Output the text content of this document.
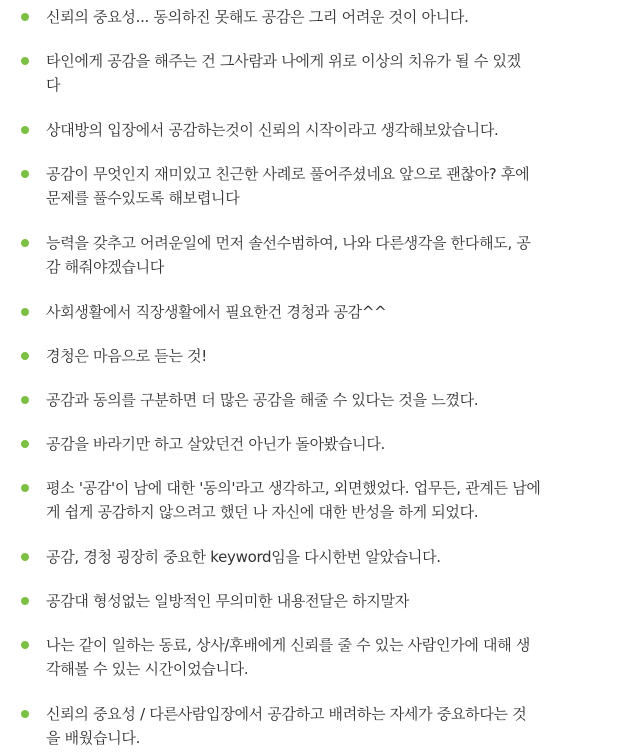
신뢰의 중요성... 동의하진 못해도 공감은 그리 어려운 것이 아니다.
타인에게 공감을 해주는 건 그사람과 나에게 위로 이상의 치유가 될 수 있겠
다
상대방의 입장에서 공감하는것이 신뢰의 시작이라고 생각해보았습니다.
공감이 무엇인지 재미있고 친근한 사례로 풀어주셨네요 앞으로 괜찮아? 후에
문제를 풀수있도록 해보렵니다
능력을 갖추고 어려운일에 먼저 솔선수범하여, 나와 다른생각을 한다해도, 공
감 해줘야겠습니다
사회생활에서 직장생활에서 필요한건 경청과 공감^^
경청은 마음으로 듣는 것!
공감과 동의를 구분하면 더 많은 공감을 해줄 수 있다는 것을 느꼈다.
공감을 바라기만 하고 살았던건 아닌가 돌아봤습니다.
평소 '공감'이 남에 대한 '동의'라고 생각하고, 외면했었다. 업무든, 관계든 남에
게 쉽게 공감하지 않으려고 했던 나 자신에 대한 반성을 하게 되었다.
공감, 경청 굉장히 중요한 keyword임을 다시한번 알았습니다.
공감대 형성없는 일방적인 무의미한 내용전달은 하지말자
나는 같이 일하는 동료, 상사/후배에게 신뢰를 줄 수 있는 사람인가에 대해 생
각해볼 수 있는 시간이었습니다.
신뢰의 중요성 / 다른사람입장에서 공감하고 배려하는 자세가 중요하다는 것
을 배웠습니다.
